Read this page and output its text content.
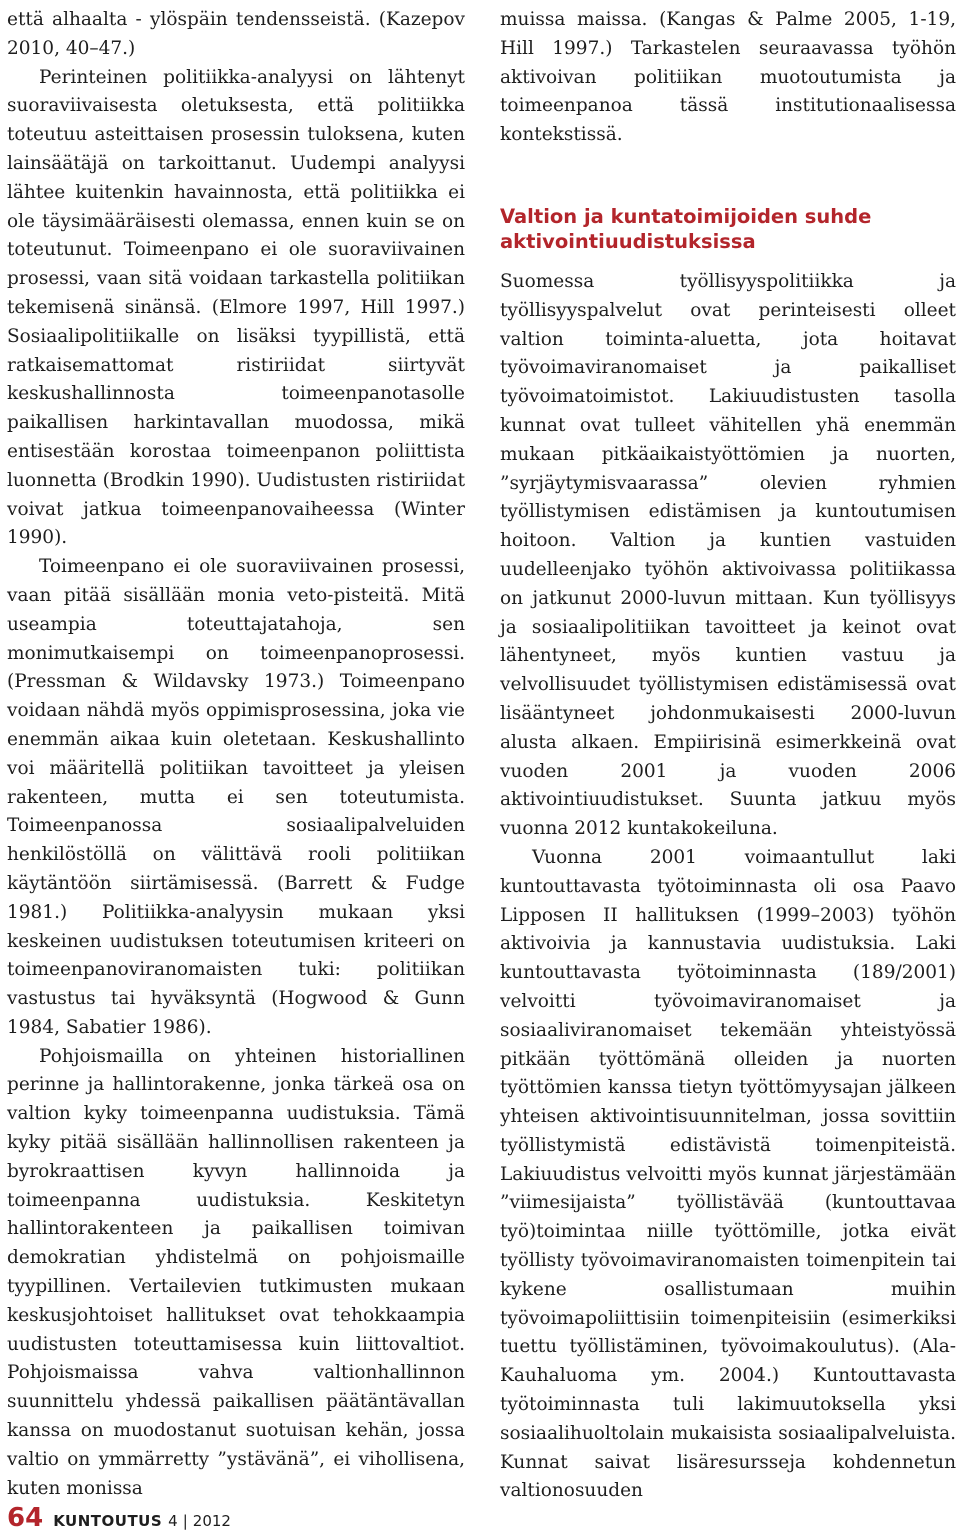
että alhaalta - ylöspäin tendensseistä. (Kazepov 2010, 40–47.)

Perinteinen politiikka-analyysi on lähtenyt suoraviivaisesta oletuksesta, että politiikka toteutuu asteittaisen prosessin tuloksena, kuten lainsäätäjä on tarkoittanut. Uudempi analyysi lähtee kuitenkin havainnosta, että politiikka ei ole täysimääräisesti olemassa, ennen kuin se on toteutunut. Toimeenpano ei ole suoraviivainen prosessi, vaan sitä voidaan tarkastella politiikan tekemisenä sinänsä. (Elmore 1997, Hill 1997.) Sosiaalipolitiikalle on lisäksi tyypillistä, että ratkaisemattomat ristiriidat siirtyvät keskushallinnosta toimeenpanotasolle paikallisen harkintavallan muodossa, mikä entisestään korostaa toimeenpanon poliittista luonnetta (Brodkin 1990). Uudistusten ristiriidat voivat jatkua toimeenpanovaiheessa (Winter 1990).

Toimeenpano ei ole suoraviivainen prosessi, vaan pitää sisällään monia veto-pisteitä. Mitä useampia toteuttajatahoja, sen monimutkaisempi on toimeenpanoprosessi. (Pressman & Wildavsky 1973.) Toimeenpano voidaan nähdä myös oppimisprosessina, joka vie enemmän aikaa kuin oletetaan. Keskushallinto voi määritellä politiikan tavoitteet ja yleisen rakenteen, mutta ei sen toteutumista. Toimeenpanossa sosiaalipalveluiden henkilöstöllä on välittävä rooli politiikan käytäntöön siirtämisessä. (Barrett & Fudge 1981.) Politiikka-analyysin mukaan yksi keskeinen uudistuksen toteutumisen kriteeri on toimeenpanoviranomaisten tuki: politiikan vastustus tai hyväksyntä (Hogwood & Gunn 1984, Sabatier 1986).

Pohjoismailla on yhteinen historiallinen perinne ja hallintorakenne, jonka tärkeä osa on valtion kyky toimeenpanna uudistuksia. Tämä kyky pitää sisällään hallinnollisen rakenteen ja byrokraattisen kyvyn hallinnoida ja toimeenpanna uudistuksia. Keskitetyn hallintorakenteen ja paikallisen toimivan demokratian yhdistelmä on pohjoismaille tyypillinen. Vertailevien tutkimusten mukaan keskusjohtoiset hallitukset ovat tehokkaampia uudistusten toteuttamisessa kuin liittovaltiot. Pohjoismaissa vahva valtionhallinnon suunnittelu yhdessä paikallisen päätäntävallan kanssa on muodostanut suotuisan kehän, jossa valtio on ymmärretty ”ystävänä”, ei vihollisena, kuten monissa

muissa maissa. (Kangas & Palme 2005, 1-19, Hill 1997.) Tarkastelen seuraavassa työhön aktivoivan politiikan muotoutumista ja toimeenpanoa tässä institutionaalisessa kontekstissä.

Valtion ja kuntatoimijoiden suhde aktivointiuudistuksissa

Suomessa työllisyyspolitiikka ja työllisyyspalvelut ovat perinteisesti olleet valtion toiminta-aluetta, jota hoitavat työvoimaviranomaiset ja paikalliset työvoimatoimistot. Lakiuudistusten tasolla kunnat ovat tulleet vähitellen yhä enemmän mukaan pitkäaikaistyöttömien ja nuorten, ”syrjäytymisvaarassa” olevien ryhmien työllistymisen edistämisen ja kuntoutumisen hoitoon. Valtion ja kuntien vastuiden uudelleenjako työhön aktivoivassa politiikassa on jatkunut 2000-luvun mittaan. Kun työllisyys ja sosiaalipolitiikan tavoitteet ja keinot ovat lähentyneet, myös kuntien vastuu ja velvollisuudet työllistymisen edistämisessä ovat lisääntyneet johdonmukaisesti 2000-luvun alusta alkaen. Empiirisinä esimerkkeinä ovat vuoden 2001 ja vuoden 2006 aktivointiuudistukset. Suunta jatkuu myös vuonna 2012 kuntakokeiluna.

Vuonna 2001 voimaantullut laki kuntouttavasta työtoiminnasta oli osa Paavo Lipposen II hallituksen (1999–2003) työhön aktivoivia ja kannustavia uudistuksia. Laki kuntouttavasta työtoiminnasta (189/2001) velvoitti työvoimaviranomaiset ja sosiaaliviranomaiset tekemään yhteistyössä pitkään työttömänä olleiden ja nuorten työttömien kanssa tietyn työttömyysajan jälkeen yhteisen aktivointisuunnitelman, jossa sovittiin työllistymistä edistävistä toimenpiteistä. Lakiuudistus velvoitti myös kunnat järjestämään ”viimesijaista” työllistävää (kuntouttavaa työ)toimintaa niille työttömille, jotka eivät työllisty työvoimaviranomaisten toimenpitein tai kykene osallistumaan muihin työvoimapoliittisiin toimenpiteisiin (esimerkiksi tuettu työllistäminen, työvoimakoulutus). (Ala-Kauhaluoma ym. 2004.) Kuntouttavasta työtoiminnasta tuli lakimuutoksella yksi sosiaalihuoltolain mukaisista sosiaalipalveluista. Kunnat saivat lisäresursseja kohdennetun valtionosuuden

64 KUNTOUTUS 4 | 2012
